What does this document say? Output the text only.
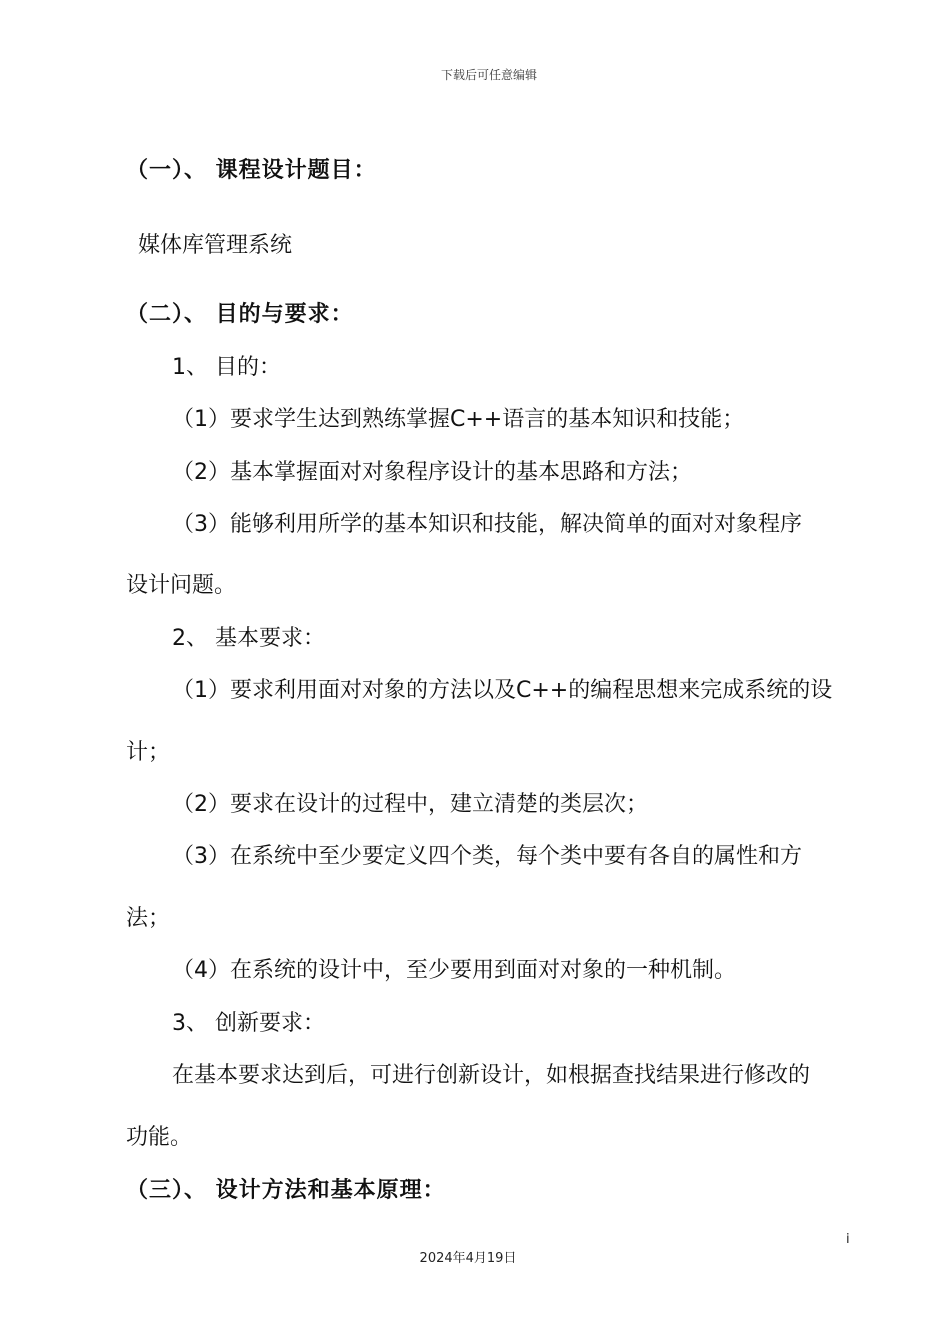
下载后可任意编辑
（一）、 课程设计题目：
媒体库管理系统
（二）、 目的与要求：
1、 目的：
（1）要求学生达到熟练掌握C++语言的基本知识和技能；
（2）基本掌握面对对象程序设计的基本思路和方法；
（3）能够利用所学的基本知识和技能，解决简单的面对对象程序
设计问题。
2、 基本要求：
（1）要求利用面对对象的方法以及C++的编程思想来完成系统的设
计；
（2）要求在设计的过程中，建立清楚的类层次；
（3）在系统中至少要定义四个类，每个类中要有各自的属性和方
法；
（4）在系统的设计中，至少要用到面对对象的一种机制。
3、 创新要求：
在基本要求达到后，可进行创新设计，如根据查找结果进行修改的
功能。
（三）、 设计方法和基本原理：
i
2024年4月19日
